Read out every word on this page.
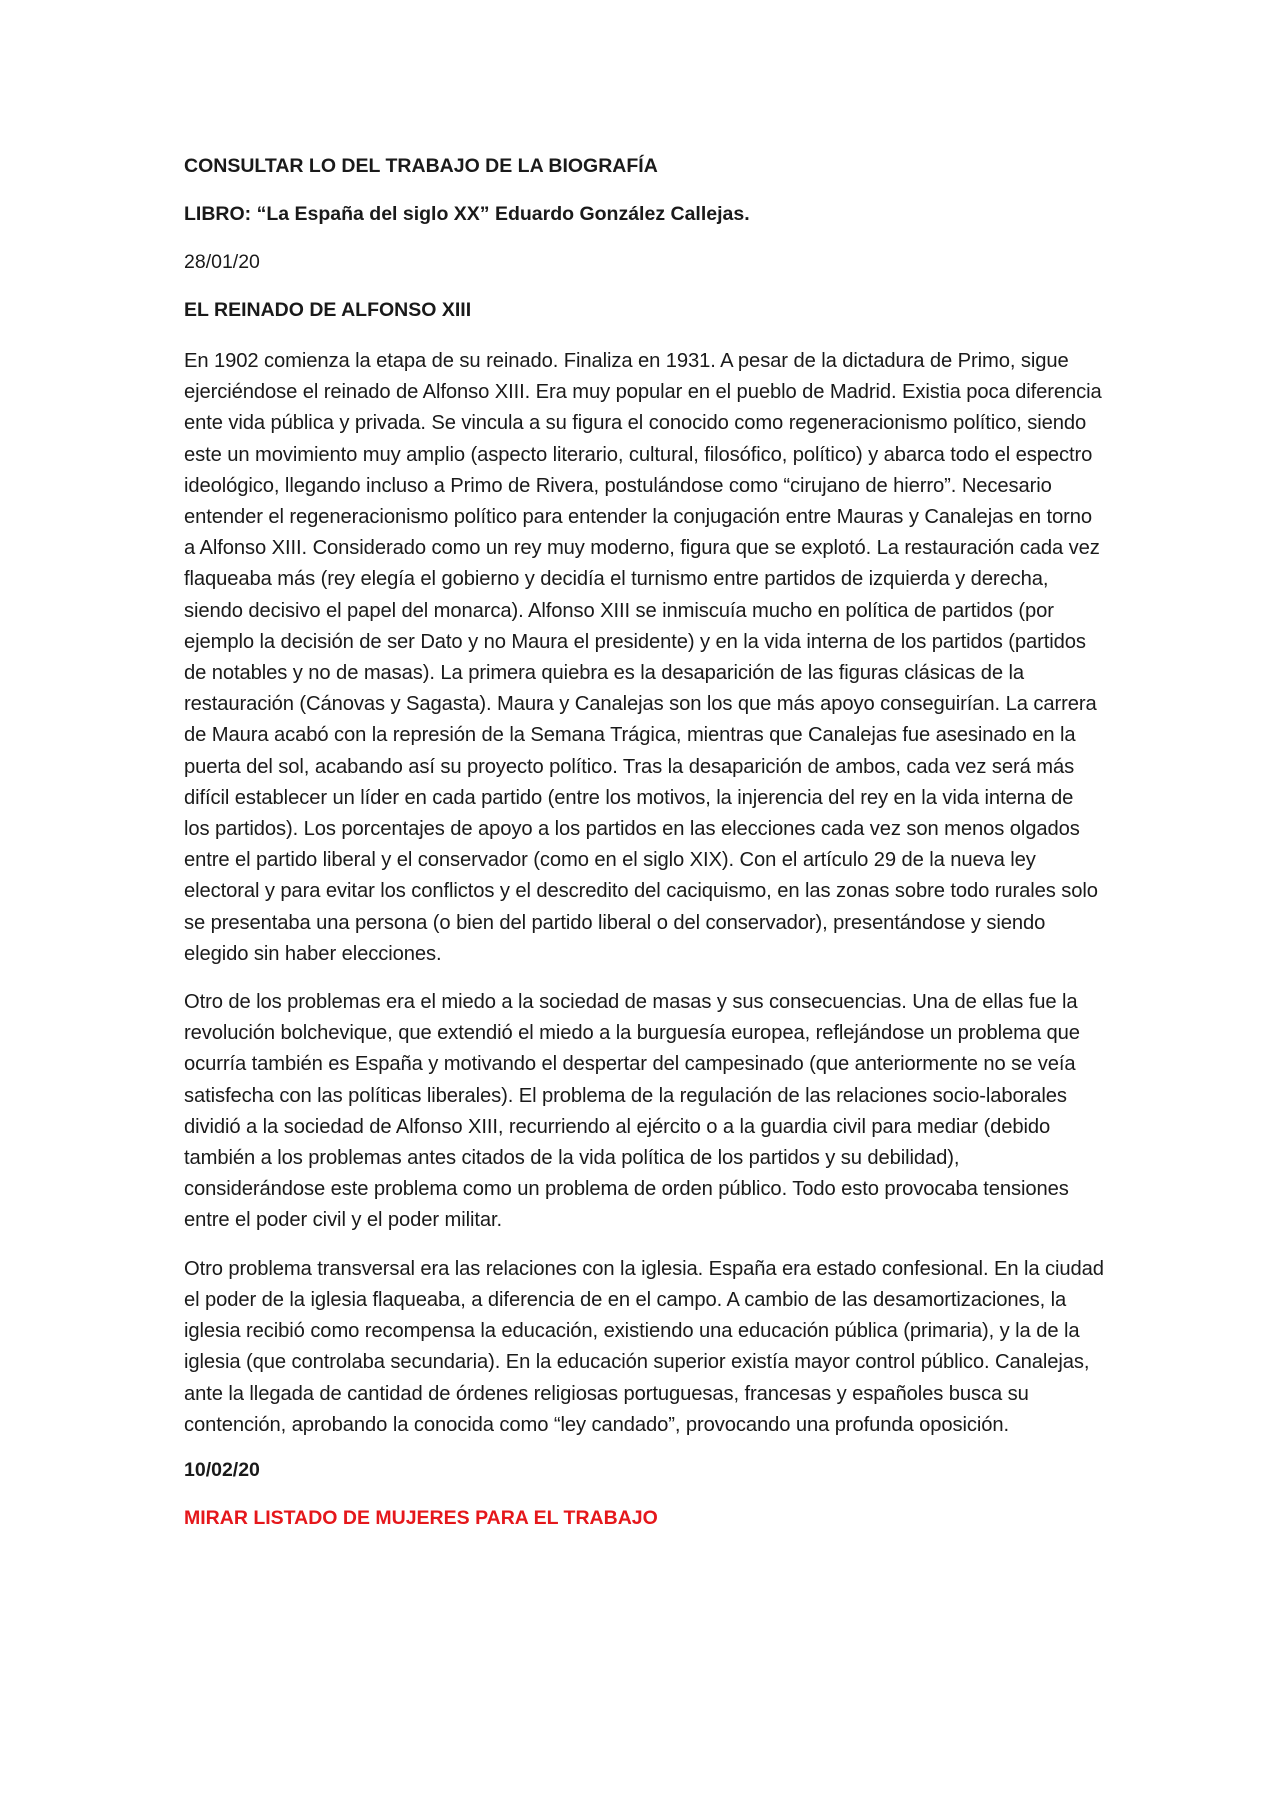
CONSULTAR LO DEL TRABAJO DE LA BIOGRAFÍA

LIBRO: “La España del siglo XX” Eduardo González Callejas.

28/01/20

EL REINADO DE ALFONSO XIII

En 1902 comienza la etapa de su reinado. Finaliza en 1931. A pesar de la dictadura de Primo, sigue ejerciéndose el reinado de Alfonso XIII. Era muy popular en el pueblo de Madrid. Existia poca diferencia ente vida pública y privada. Se vincula a su figura el conocido como regeneracionismo político, siendo este un movimiento muy amplio (aspecto literario, cultural, filosófico, político) y abarca todo el espectro ideológico, llegando incluso a Primo de Rivera, postulándose como “cirujano de hierro”. Necesario entender el regeneracionismo político para entender la conjugación entre Mauras y Canalejas en torno a Alfonso XIII. Considerado como un rey muy moderno, figura que se explotó. La restauración cada vez flaqueaba más (rey elegía el gobierno y decidía el turnismo entre partidos de izquierda y derecha, siendo decisivo el papel del monarca). Alfonso XIII se inmiscuía mucho en política de partidos (por ejemplo la decisión de ser Dato y no Maura el presidente) y en la vida interna de los partidos (partidos de notables y no de masas). La primera quiebra es la desaparición de las figuras clásicas de la restauración (Cánovas y Sagasta). Maura y Canalejas son los que más apoyo conseguirían. La carrera de Maura acabó con la represión de la Semana Trágica, mientras que Canalejas fue asesinado en la puerta del sol, acabando así su proyecto político. Tras la desaparición de ambos, cada vez será más difícil establecer un líder en cada partido (entre los motivos, la injerencia del rey en la vida interna de los partidos). Los porcentajes de apoyo a los partidos en las elecciones cada vez son menos olgados entre el partido liberal y el conservador (como en el siglo XIX). Con el artículo 29 de la nueva ley electoral y para evitar los conflictos y el descredito del caciquismo, en las zonas sobre todo rurales solo se presentaba una persona (o bien del partido liberal o del conservador), presentándose y siendo elegido sin haber elecciones.

Otro de los problemas era el miedo a la sociedad de masas y sus consecuencias. Una de ellas fue la revolución bolchevique, que extendió el miedo a la burguesía europea, reflejándose un problema que ocurría también es España y motivando el despertar del campesinado (que anteriormente no se veía satisfecha con las políticas liberales). El problema de la regulación de las relaciones socio-laborales dividió a la sociedad de Alfonso XIII, recurriendo al ejército o a la guardia civil para mediar (debido también a los problemas antes citados de la vida política de los partidos y su debilidad), considerándose este problema como un problema de orden público. Todo esto provocaba tensiones entre el poder civil y el poder militar.

Otro problema transversal era las relaciones con la iglesia. España era estado confesional. En la ciudad el poder de la iglesia flaqueaba, a diferencia de en el campo. A cambio de las desamortizaciones, la iglesia recibió como recompensa la educación, existiendo una educación pública (primaria), y la de la iglesia (que controlaba secundaria). En la educación superior existía mayor control público. Canalejas, ante la llegada de cantidad de órdenes religiosas portuguesas, francesas y españoles busca su contención, aprobando la conocida como “ley candado”, provocando una profunda oposición.

10/02/20

MIRAR LISTADO DE MUJERES PARA EL TRABAJO
